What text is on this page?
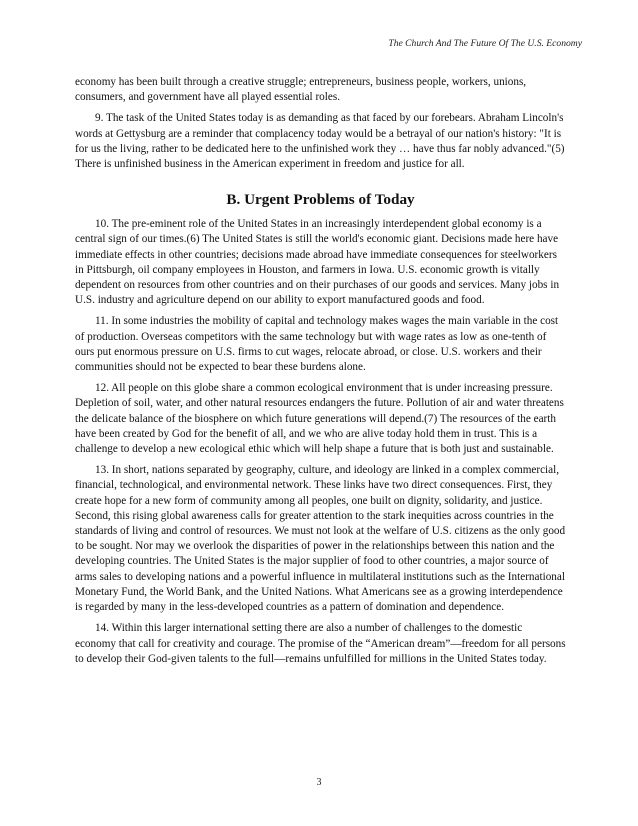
The Church And The Future Of The U.S. Economy

economy has been built through a creative struggle; entrepreneurs, business people, workers, unions, consumers, and government have all played essential roles.

9. The task of the United States today is as demanding as that faced by our forebears. Abraham Lincoln's words at Gettysburg are a reminder that complacency today would be a betrayal of our nation's history: "It is for us the living, rather to be dedicated here to the unfinished work they … have thus far nobly advanced."(5) There is unfinished business in the American experiment in freedom and justice for all.

B. Urgent Problems of Today

10. The pre-eminent role of the United States in an increasingly interdependent global economy is a central sign of our times.(6) The United States is still the world's economic giant. Decisions made here have immediate effects in other countries; decisions made abroad have immediate consequences for steelworkers in Pittsburgh, oil company employees in Houston, and farmers in Iowa. U.S. economic growth is vitally dependent on resources from other countries and on their purchases of our goods and services. Many jobs in U.S. industry and agriculture depend on our ability to export manufactured goods and food.

11. In some industries the mobility of capital and technology makes wages the main variable in the cost of production. Overseas competitors with the same technology but with wage rates as low as one-tenth of ours put enormous pressure on U.S. firms to cut wages, relocate abroad, or close. U.S. workers and their communities should not be expected to bear these burdens alone.

12. All people on this globe share a common ecological environment that is under increasing pressure. Depletion of soil, water, and other natural resources endangers the future. Pollution of air and water threatens the delicate balance of the biosphere on which future generations will depend.(7) The resources of the earth have been created by God for the benefit of all, and we who are alive today hold them in trust. This is a challenge to develop a new ecological ethic which will help shape a future that is both just and sustainable.

13. In short, nations separated by geography, culture, and ideology are linked in a complex commercial, financial, technological, and environmental network. These links have two direct consequences. First, they create hope for a new form of community among all peoples, one built on dignity, solidarity, and justice. Second, this rising global awareness calls for greater attention to the stark inequities across countries in the standards of living and control of resources. We must not look at the welfare of U.S. citizens as the only good to be sought. Nor may we overlook the disparities of power in the relationships between this nation and the developing countries. The United States is the major supplier of food to other countries, a major source of arms sales to developing nations and a powerful influence in multilateral institutions such as the International Monetary Fund, the World Bank, and the United Nations. What Americans see as a growing interdependence is regarded by many in the less-developed countries as a pattern of domination and dependence.

14. Within this larger international setting there are also a number of challenges to the domestic economy that call for creativity and courage. The promise of the “American dream”—freedom for all persons to develop their God-given talents to the full—remains unfulfilled for millions in the United States today.

3
